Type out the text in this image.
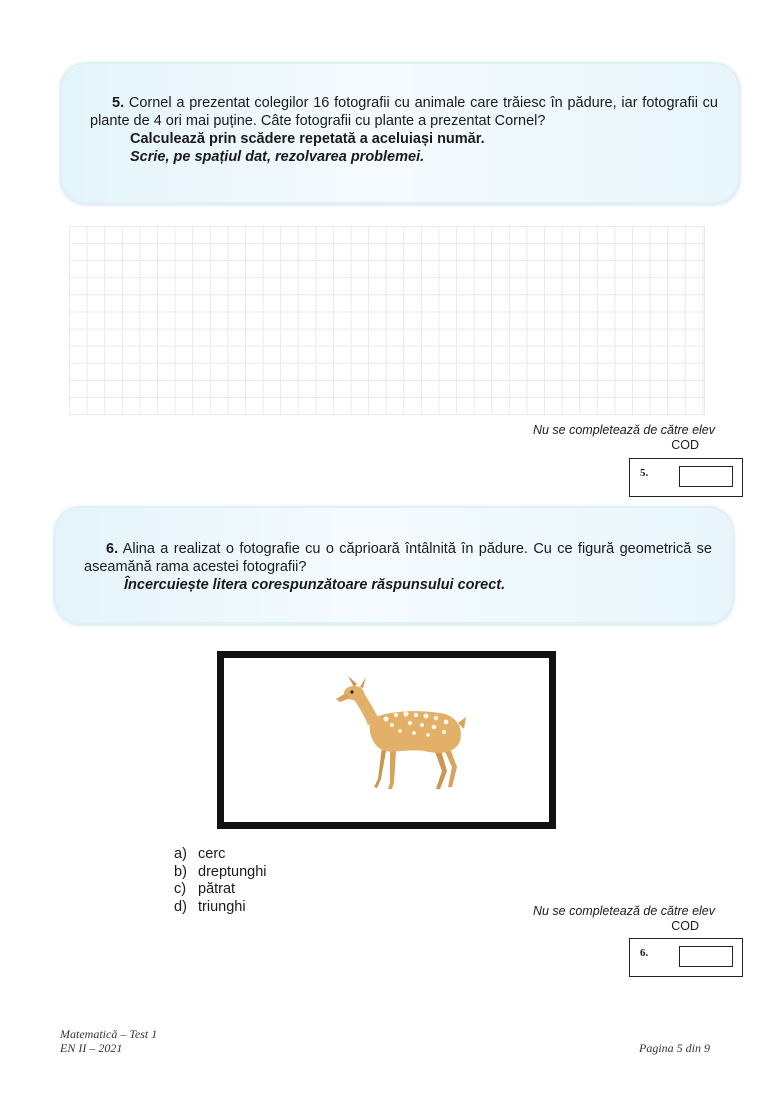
5. Cornel a prezentat colegilor 16 fotografii cu animale care trăiesc în pădure, iar fotografii cu plante de 4 ori mai puține. Câte fotografii cu plante a prezentat Cornel?
Calculează prin scădere repetată a aceluiași număr.
Scrie, pe spațiul dat, rezolvarea problemei.
Nu se completează de către elev
COD
5.
6. Alina a realizat o fotografie cu o căprioară întâlnită în pădure. Cu ce figură geometrică se aseamănă rama acestei fotografii?
Încercuiește litera corespunzătoare răspunsului corect.
a) cerc
b) dreptunghi
c) pătrat
d) triunghi	Nu se completează de către elev
COD
6.
Matematică – Test 1
EN II – 2021	Pagina 5 din 9
